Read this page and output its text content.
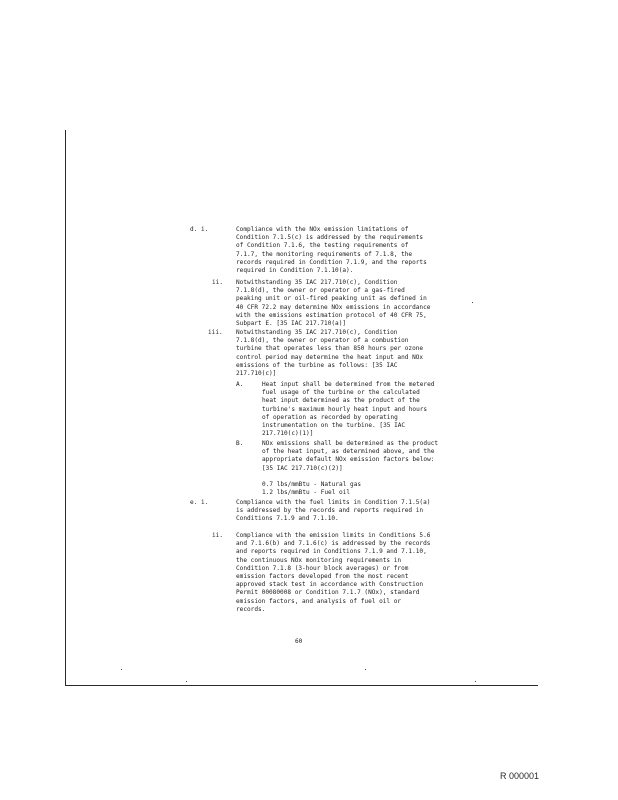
d. i.	Compliance with the NOx emission limitations of
Condition 7.1.5(c) is addressed by the requirements
of Condition 7.1.6, the testing requirements of
7.1.7, the monitoring requirements of 7.1.8, the
records required in Condition 7.1.9, and the reports
required in Condition 7.1.10(a).
ii. Notwithstanding 35 IAC 217.710(c), Condition
7.1.8(d), the owner or operator of a gas-fired
peaking unit or oil-fired peaking unit as defined in
40 CFR 72.2 may determine NOx emissions in accordance
with the emissions estimation protocol of 40 CFR 75,
Subpart E. [35 IAC 217.710(a)]
iii. Notwithstanding 35 IAC 217.710(c), Condition
7.1.8(d), the owner or operator of a combustion
turbine that operates less than 850 hours per ozone
control period may determine the heat input and NOx
emissions of the turbine as follows: [35 IAC
217.710(c)]
A.	Heat input shall be determined from the metered
fuel usage of the turbine or the calculated
heat input determined as the product of the
turbine's maximum hourly heat input and hours
of operation as recorded by operating
instrumentation on the turbine. [35 IAC
217.710(c)(1)]
B.	NOx emissions shall be determined as the product
of the heat input, as determined above, and the
appropriate default NOx emission factors below:
[35 IAC 217.710(c)(2)]

0.7 lbs/mmBtu - Natural gas
1.2 lbs/mmBtu - Fuel oil
e. i.	Compliance with the fuel limits in Condition 7.1.5(a)
is addressed by the records and reports required in
Conditions 7.1.9 and 7.1.10.
ii. Compliance with the emission limits in Conditions 5.6
and 7.1.6(b) and 7.1.6(c) is addressed by the records
and reports required in Conditions 7.1.9 and 7.1.10,
the continuous NOx monitoring requirements in
Condition 7.1.8 (3-hour block averages) or from
emission factors developed from the most recent
approved stack test in accordance with Construction
Permit 00080008 or Condition 7.1.7 (NOx), standard
emission factors, and analysis of fuel oil or
records.
60
R 000001
